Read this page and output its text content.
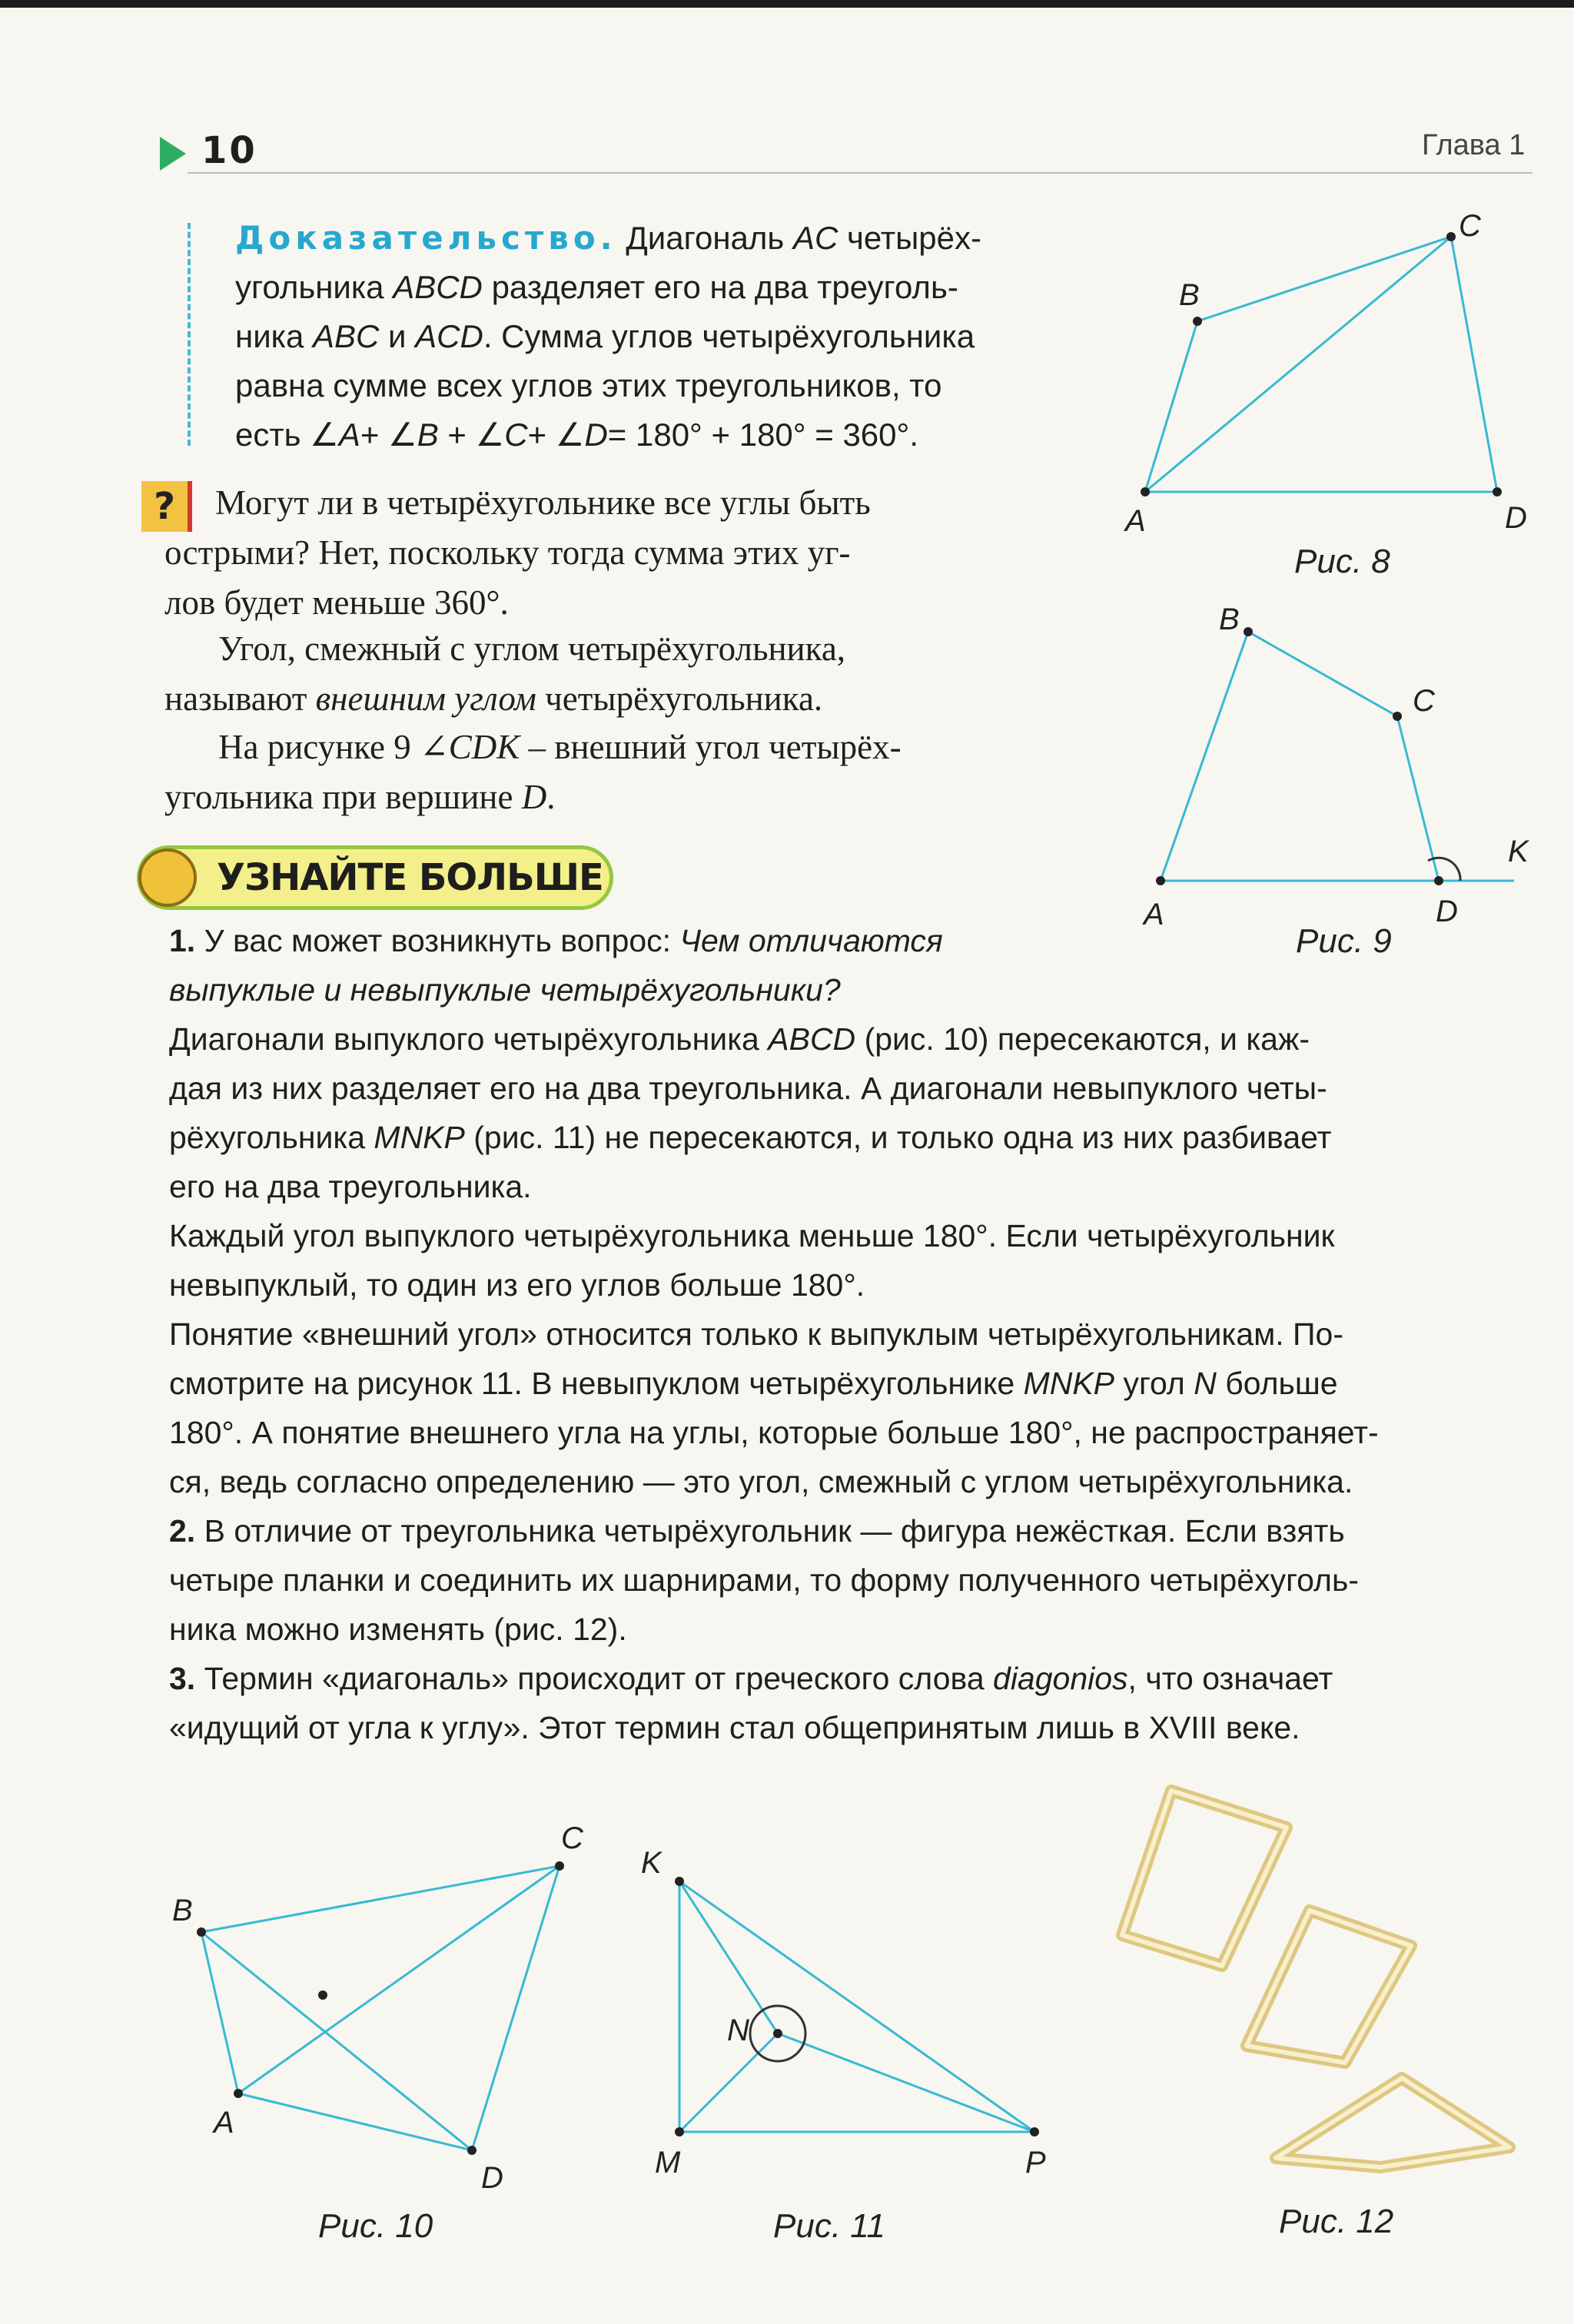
10	Глава 1
Доказательство. Диагональ AC четырёх-
угольника ABCD разделяет его на два треуголь-
ника ABC и ACD. Сумма углов четырёхугольника
равна сумме всех углов этих треугольников, то
есть ∠A+ ∠B + ∠C+ ∠D= 180° + 180° = 360°.
?	Могут ли в четырёхугольнике все углы быть
острыми? Нет, поскольку тогда сумма этих уг-
лов будет меньше 360°.
Угол, смежный с углом четырёхугольника,
называют внешним углом четырёхугольника.
На рисунке 9 ∠CDK – внешний угол четырёх-
угольника при вершине D.
УЗНАЙТЕ БОЛЬШЕ
1. У вас может возникнуть вопрос: Чем отличаются
выпуклые и невыпуклые четырёхугольники?
Диагонали выпуклого четырёхугольника ABCD (рис. 10) пересекаются, и каж-
дая из них разделяет его на два треугольника. А диагонали невыпуклого четы-
рёхугольника MNKP (рис. 11) не пересекаются, и только одна из них разбивает
его на два треугольника.
Каждый угол выпуклого четырёхугольника меньше 180°. Если четырёхугольник
невыпуклый, то один из его углов больше 180°.
Понятие «внешний угол» относится только к выпуклым четырёхугольникам. По-
смотрите на рисунок 11. В невыпуклом четырёхугольнике MNKP угол N больше
180°. А понятие внешнего угла на углы, которые больше 180°, не распространяет-
ся, ведь согласно определению — это угол, смежный с углом четырёхугольника.
2. В отличие от треугольника четырёхугольник — фигура нежёсткая. Если взять
четыре планки и соединить их шарнирами, то форму полученного четырёхуголь-
ника можно изменять (рис. 12).
3. Термин «диагональ» происходит от греческого слова diagonios, что означает
«идущий от угла к углу». Этот термин стал общепринятым лишь в XVIII веке.
C
B
A	D
Рис. 8
B
C
K
A	D
Рис. 9
C
B
A
D
Рис. 10
K
N
M	P
Рис. 11	Рис. 12
